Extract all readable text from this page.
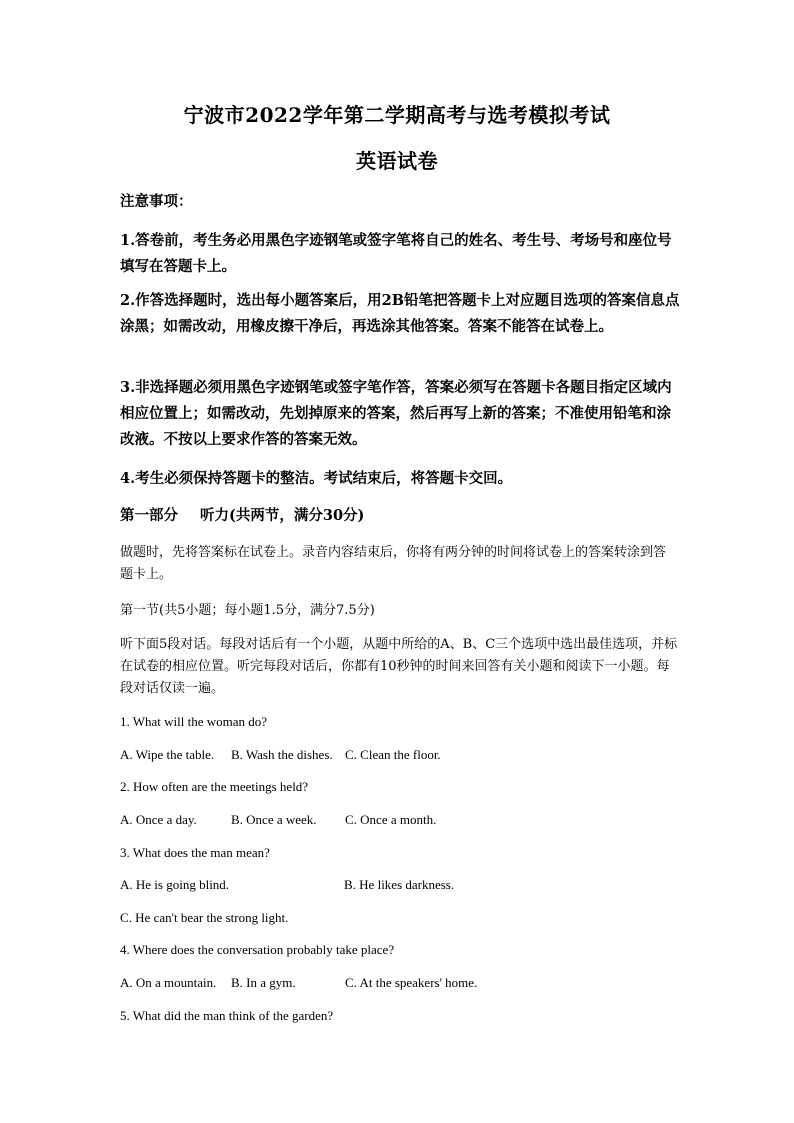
宁波市2022学年第二学期高考与选考模拟考试
英语试卷
注意事项：
1.答卷前，考生务必用黑色字迹钢笔或签字笔将自己的姓名、考生号、考场号和座位号填写在答题卡上。
2.作答选择题时，选出每小题答案后，用2B铅笔把答题卡上对应题目选项的答案信息点涂黑；如需改动，用橡皮擦干净后，再选涂其他答案。答案不能答在试卷上。
3.非选择题必须用黑色字迹钢笔或签字笔作答，答案必须写在答题卡各题目指定区域内相应位置上；如需改动，先划掉原来的答案，然后再写上新的答案；不准使用铅笔和涂改液。不按以上要求作答的答案无效。
4.考生必须保持答题卡的整洁。考试结束后，将答题卡交回。
第一部分 听力(共两节，满分30分)
做题时，先将答案标在试卷上。录音内容结束后，你将有两分钟的时间将试卷上的答案转涂到答题卡上。
第一节(共5小题；每小题1.5分，满分7.5分)
听下面5段对话。每段对话后有一个小题，从题中所给的A、B、C三个选项中选出最佳选项，并标在试卷的相应位置。听完每段对话后，你都有10秒钟的时间来回答有关小题和阅读下一小题。每段对话仅读一遍。
1. What will the woman do?
A. Wipe the table. B. Wash the dishes. C. Clean the floor.
2. How often are the meetings held?
A. Once a day.	B. Once a week. C. Once a month.
3. What does the man mean?
A. He is going blind.	B. He likes darkness.
C. He can't bear the strong light.
4. Where does the conversation probably take place?
A. On a mountain. B. In a gym.	C. At the speakers' home.
5. What did the man think of the garden?
